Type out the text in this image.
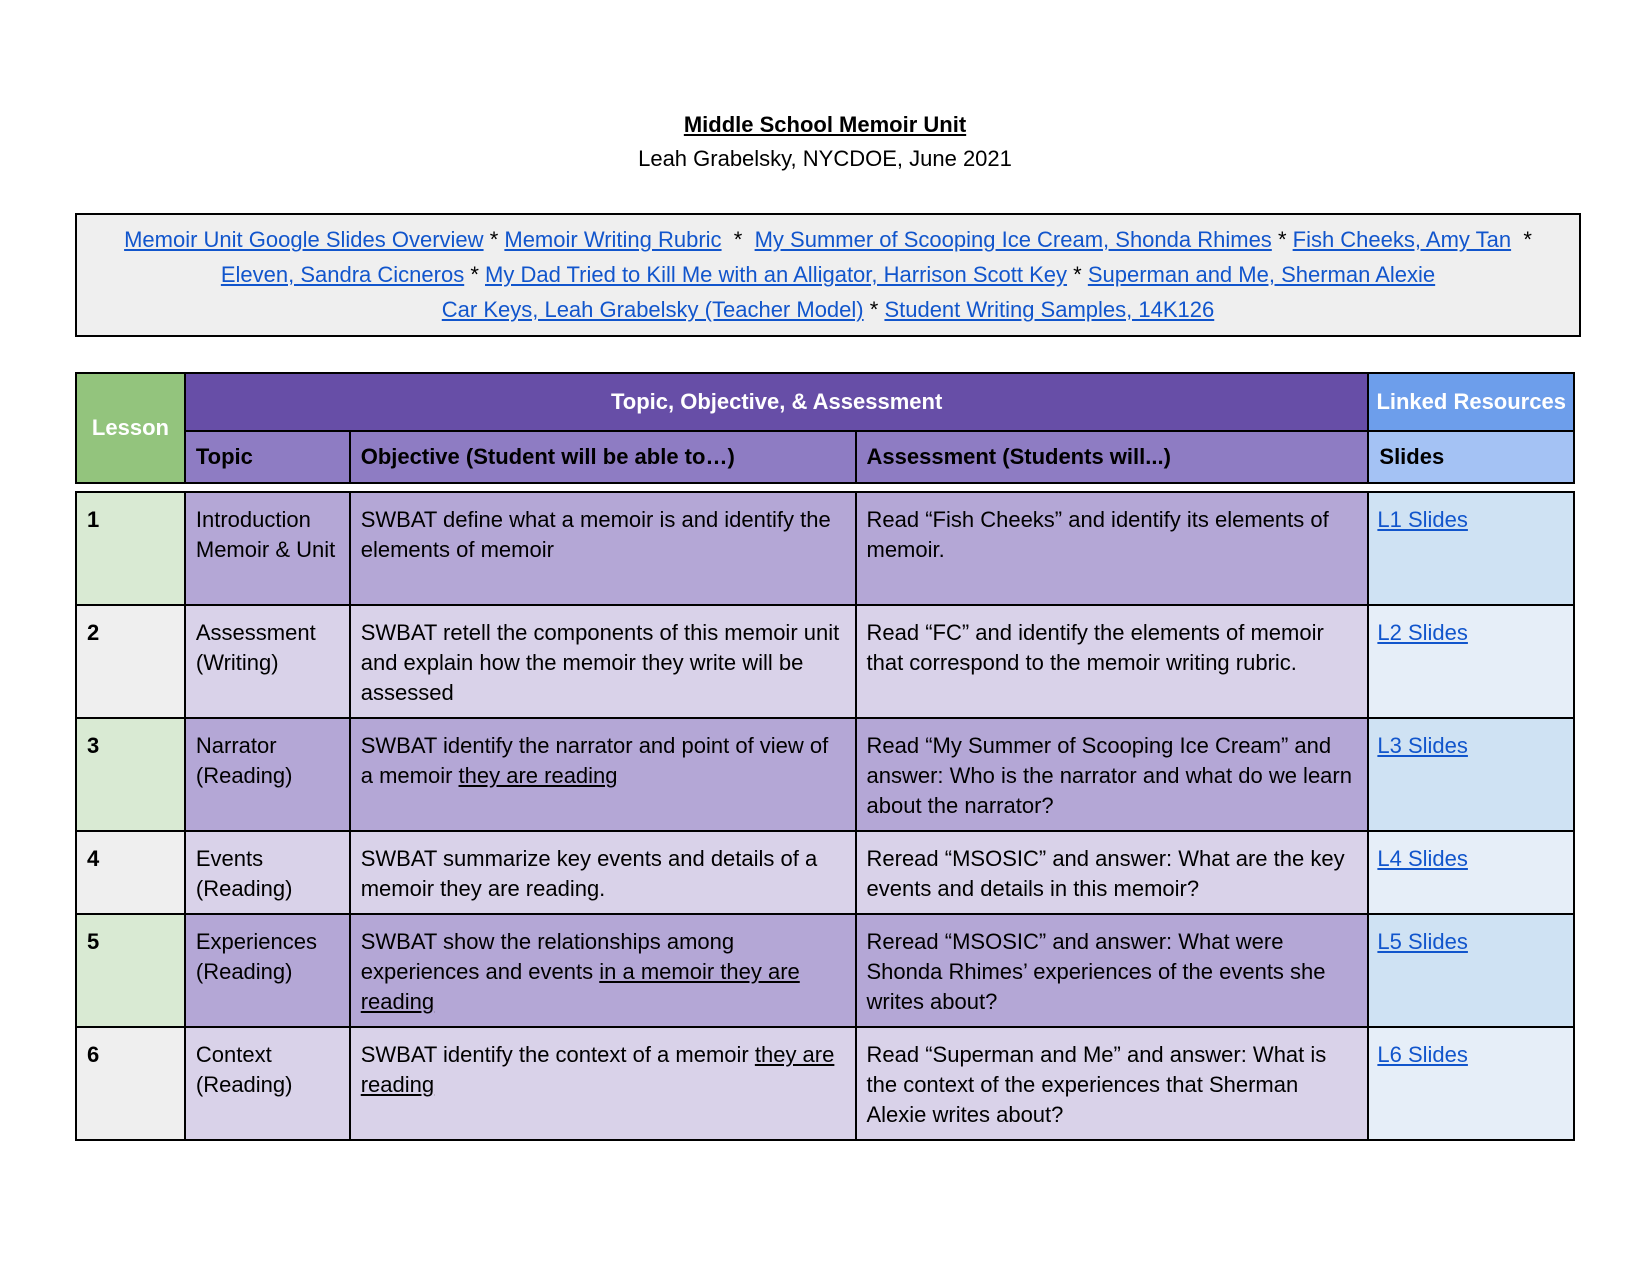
Middle School Memoir Unit
Leah Grabelsky, NYCDOE, June 2021
Memoir Unit Google Slides Overview * Memoir Writing Rubric * My Summer of Scooping Ice Cream, Shonda Rhimes * Fish Cheeks, Amy Tan *
Eleven, Sandra Cicneros * My Dad Tried to Kill Me with an Alligator, Harrison Scott Key * Superman and Me, Sherman Alexie
Car Keys, Leah Grabelsky (Teacher Model) * Student Writing Samples, 14K126
Lesson	Topic, Objective, & Assessment			Linked Resources
	Topic	Objective (Student will be able to…)	Assessment (Students will...)	Slides
1	Introduction Memoir & Unit	SWBAT define what a memoir is and identify the elements of memoir	Read “Fish Cheeks” and identify its elements of memoir.	L1 Slides
2	Assessment (Writing)	SWBAT retell the components of this memoir unit and explain how the memoir they write will be assessed	Read “FC” and identify the elements of memoir that correspond to the memoir writing rubric.	L2 Slides
3	Narrator (Reading)	SWBAT identify the narrator and point of view of a memoir they are reading	Read “My Summer of Scooping Ice Cream” and answer: Who is the narrator and what do we learn about the narrator?	L3 Slides
4	Events (Reading)	SWBAT summarize key events and details of a memoir they are reading.	Reread “MSOSIC” and answer: What are the key events and details in this memoir?	L4 Slides
5	Experiences (Reading)	SWBAT show the relationships among experiences and events in a memoir they are reading	Reread “MSOSIC” and answer: What were Shonda Rhimes’ experiences of the events she writes about?	L5 Slides
6	Context (Reading)	SWBAT identify the context of a memoir they are reading	Read “Superman and Me” and answer: What is the context of the experiences that Sherman Alexie writes about?	L6 Slides
